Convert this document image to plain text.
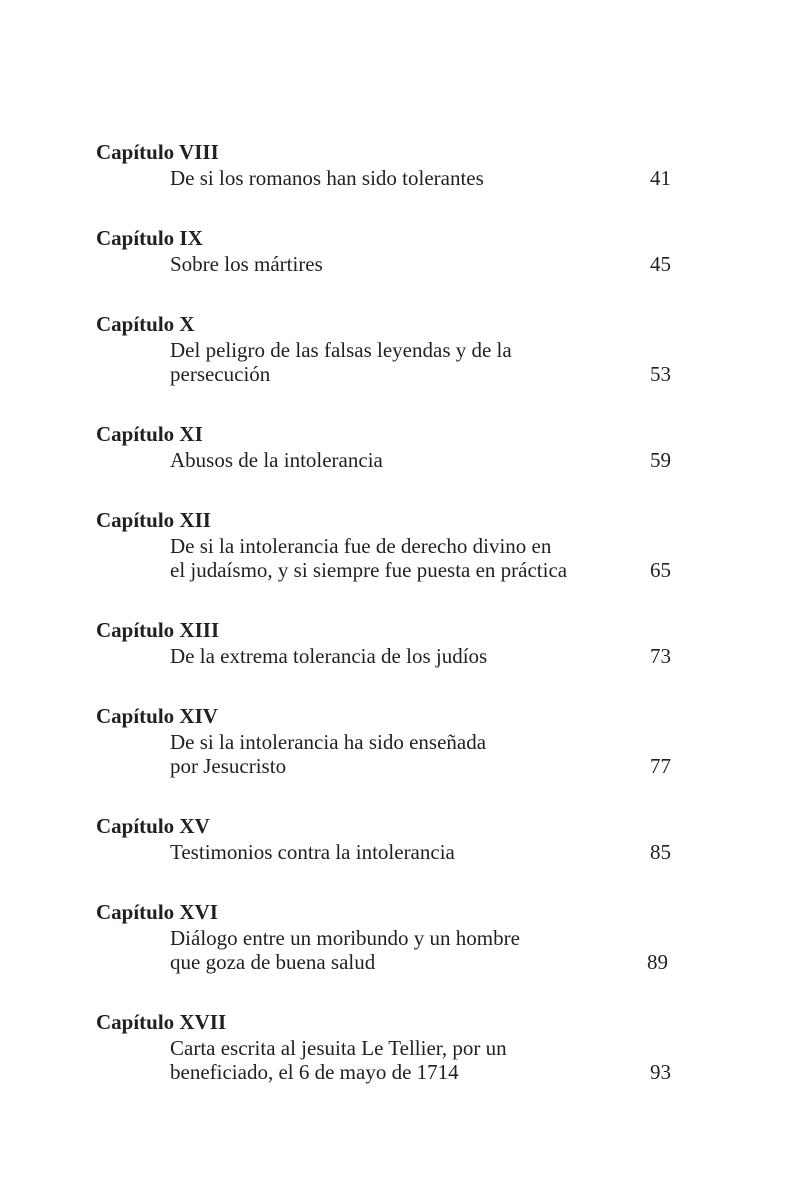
Capítulo VIII
De si los romanos han sido tolerantes	41
Capítulo IX
Sobre los mártires	45
Capítulo X
Del peligro de las falsas leyendas y de la
persecución	53
Capítulo XI
Abusos de la intolerancia	59
Capítulo XII
De si la intolerancia fue de derecho divino en
el judaísmo, y si siempre fue puesta en práctica	65
Capítulo XIII
De la extrema tolerancia de los judíos	73
Capítulo XIV
De si la intolerancia ha sido enseñada
por Jesucristo	77
Capítulo XV
Testimonios contra la intolerancia	85
Capítulo XVI
Diálogo entre un moribundo y un hombre
que goza de buena salud	89
Capítulo XVII
Carta escrita al jesuita Le Tellier, por un
beneficiado, el 6 de mayo de 1714	93
